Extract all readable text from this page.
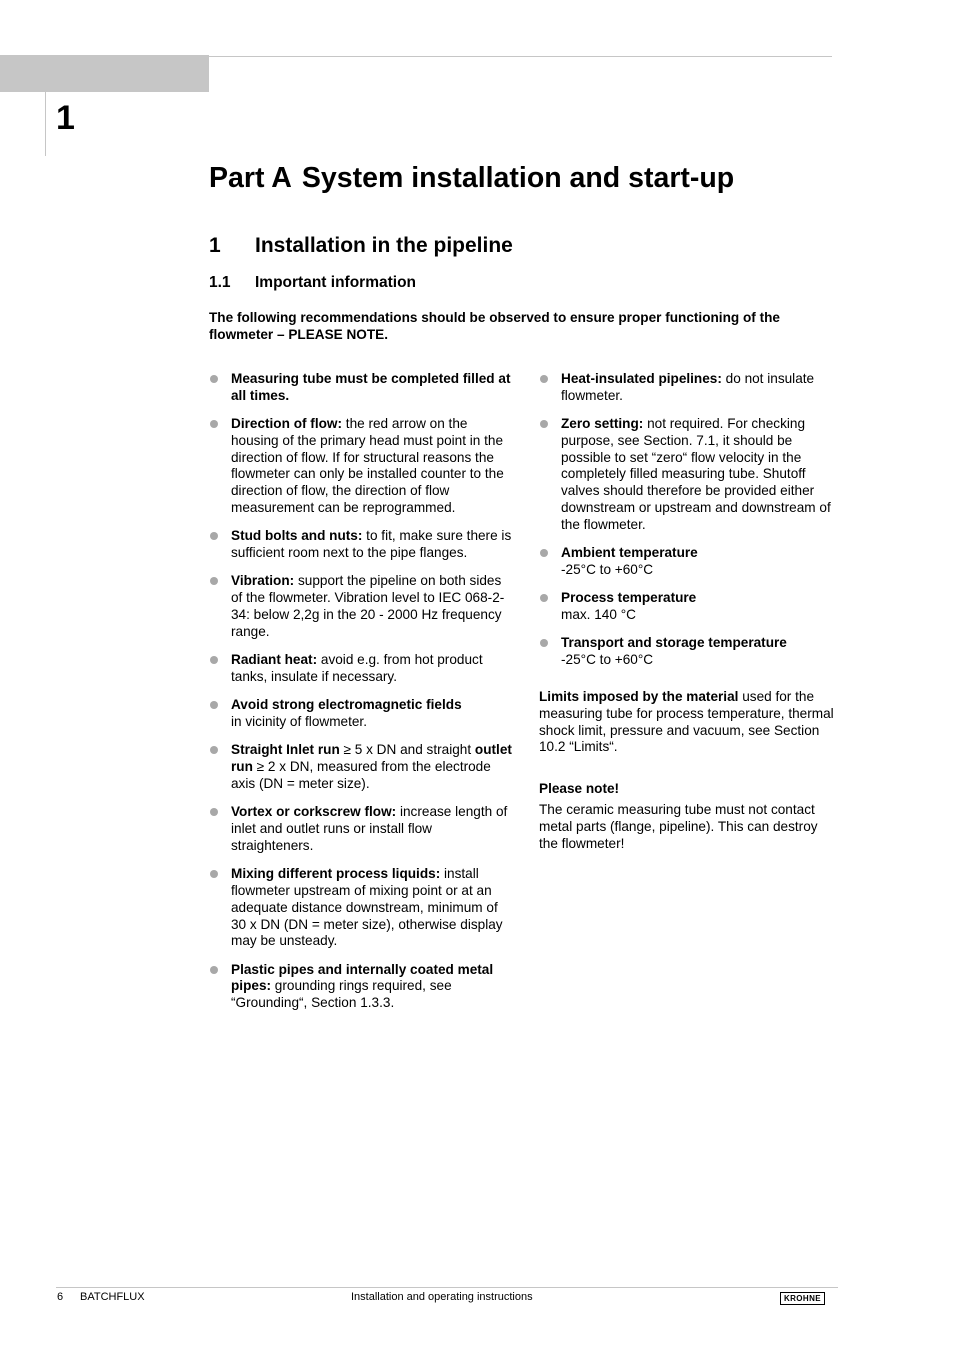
1
Part A System installation and start-up
1 Installation in the pipeline
1.1 Important information
The following recommendations should be observed to ensure proper functioning of the flowmeter – PLEASE NOTE.
Measuring tube must be completed filled at all times.
Direction of flow: the red arrow on the housing of the primary head must point in the direction of flow. If for structural reasons the flowmeter can only be installed counter to the direction of flow, the direction of flow measurement can be reprogrammed.
Stud bolts and nuts: to fit, make sure there is sufficient room next to the pipe flanges.
Vibration: support the pipeline on both sides of the flowmeter. Vibration level to IEC 068-2-34: below 2,2g in the 20 - 2000 Hz frequency range.
Radiant heat: avoid e.g. from hot product tanks, insulate if necessary.
Avoid strong electromagnetic fields
in vicinity of flowmeter.
Straight Inlet run ≥ 5 x DN and straight outlet run ≥ 2 x DN, measured from the electrode axis (DN = meter size).
Vortex or corkscrew flow: increase length of inlet and outlet runs or install flow straighteners.
Mixing different process liquids: install flowmeter upstream of mixing point or at an adequate distance downstream, minimum of 30 x DN (DN = meter size), otherwise display may be unsteady.
Plastic pipes and internally coated metal pipes: grounding rings required, see “Grounding“, Section 1.3.3.
Heat-insulated pipelines: do not insulate flowmeter.
Zero setting: not required. For checking purpose, see Section. 7.1, it should be possible to set “zero“ flow velocity in the completely filled measuring tube. Shutoff valves should therefore be provided either downstream or upstream and downstream of the flowmeter.
Ambient temperature
-25°C to +60°C
Process temperature
max. 140 °C
Transport and storage temperature
-25°C to +60°C

Limits imposed by the material used for the measuring tube for process temperature, thermal shock limit, pressure and vacuum, see Section 10.2 “Limits“.

Please note!
The ceramic measuring tube must not contact metal parts (flange, pipeline). This can destroy the flowmeter!
6 BATCHFLUX	Installation and operating instructions	KROHNE
